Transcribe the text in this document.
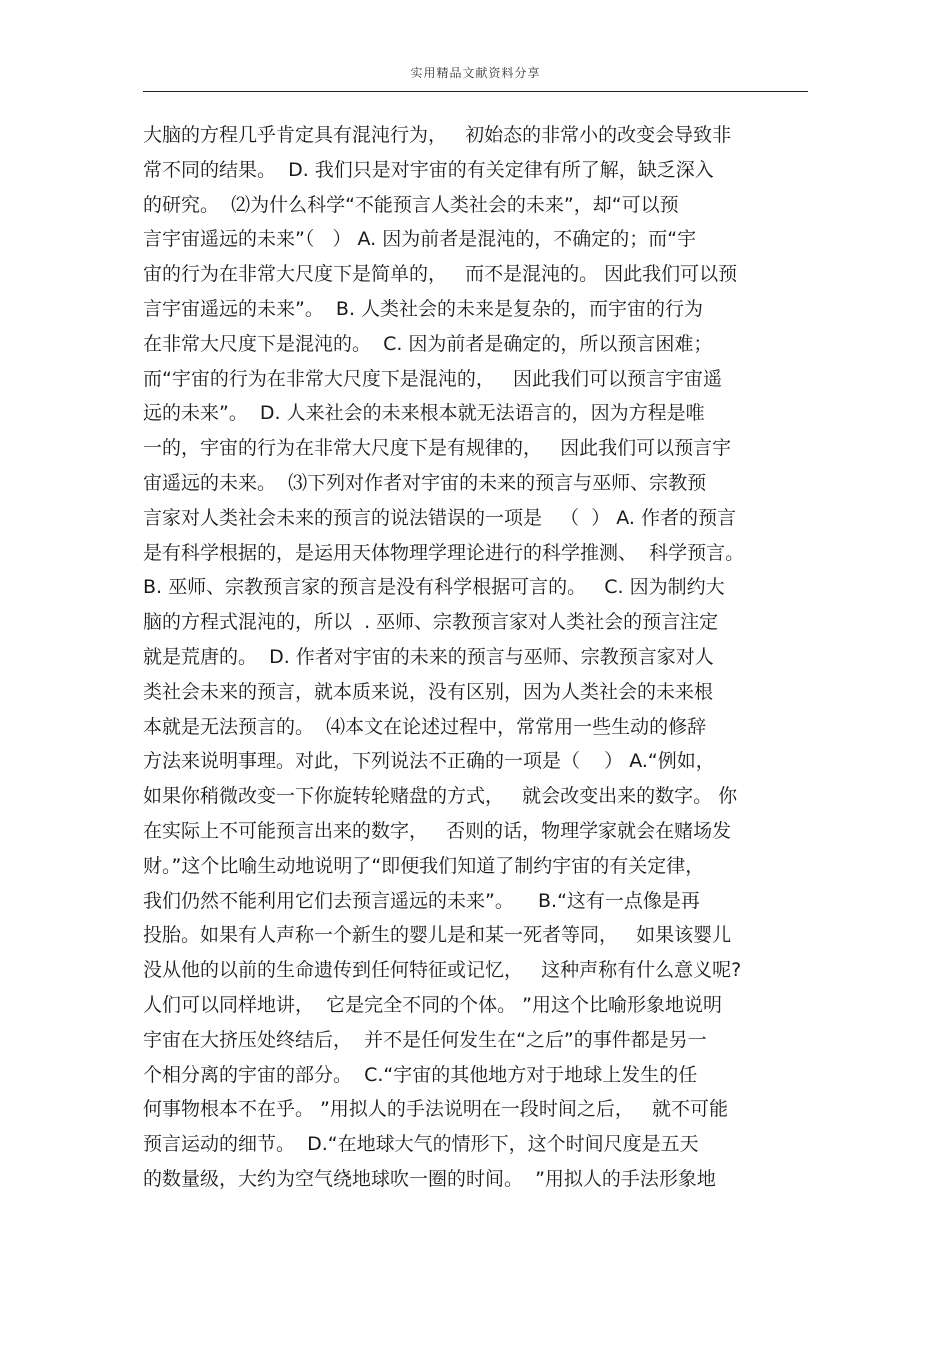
实用精品文献资料分享
大脑的方程几乎肯定具有混沌行为，   初始态的非常小的改变会导致非
常不同的结果。  D. 我们只是对宇宙的有关定律有所了解，缺乏深入
的研究。  ⑵为什么科学“不能预言人类社会的未来”，却“可以预
言宇宙遥远的未来”（   ） A. 因为前者是混沌的，不确定的；而“宇
宙的行为在非常大尺度下是简单的，   而不是混沌的。 因此我们可以预
言宇宙遥远的未来”。  B. 人类社会的未来是复杂的，而宇宙的行为
在非常大尺度下是混沌的。  C. 因为前者是确定的，所以预言困难；
而“宇宙的行为在非常大尺度下是混沌的，   因此我们可以预言宇宙遥
远的未来”。  D. 人来社会的未来根本就无法语言的，因为方程是唯
一的，宇宙的行为在非常大尺度下是有规律的，   因此我们可以预言宇
宙遥远的未来。  ⑶下列对作者对宇宙的未来的预言与巫师、宗教预
言家对人类社会未来的预言的说法错误的一项是   （  ） A. 作者的预言
是有科学根据的，是运用天体物理学理论进行的科学推测、  科学预言。
B. 巫师、宗教预言家的预言是没有科学根据可言的。   C. 因为制约大
脑的方程式混沌的，所以  . 巫师、宗教预言家对人类社会的预言注定
就是荒唐的。  D. 作者对宇宙的未来的预言与巫师、宗教预言家对人
类社会未来的预言，就本质来说，没有区别，因为人类社会的未来根
本就是无法预言的。  ⑷本文在论述过程中，常常用一些生动的修辞
方法来说明事理。对此，下列说法不正确的一项是（    ） A.“例如，
如果你稍微改变一下你旋转轮赌盘的方式，   就会改变出来的数字。 你
在实际上不可能预言出来的数字，   否则的话，物理学家就会在赌场发
财。”这个比喻生动地说明了“即便我们知道了制约宇宙的有关定律，
我们仍然不能利用它们去预言遥远的未来”。    B.“这有一点像是再
投胎。如果有人声称一个新生的婴儿是和某一死者等同，   如果该婴儿
没从他的以前的生命遗传到任何特征或记忆，   这种声称有什么意义呢?
人们可以同样地讲，  它是完全不同的个体。 ”用这个比喻形象地说明
宇宙在大挤压处终结后，  并不是任何发生在“之后”的事件都是另一
个相分离的宇宙的部分。  C.“宇宙的其他地方对于地球上发生的任
何事物根本不在乎。 ”用拟人的手法说明在一段时间之后，   就不可能
预言运动的细节。  D.“在地球大气的情形下，这个时间尺度是五天
的数量级，大约为空气绕地球吹一圈的时间。  ”用拟人的手法形象地
